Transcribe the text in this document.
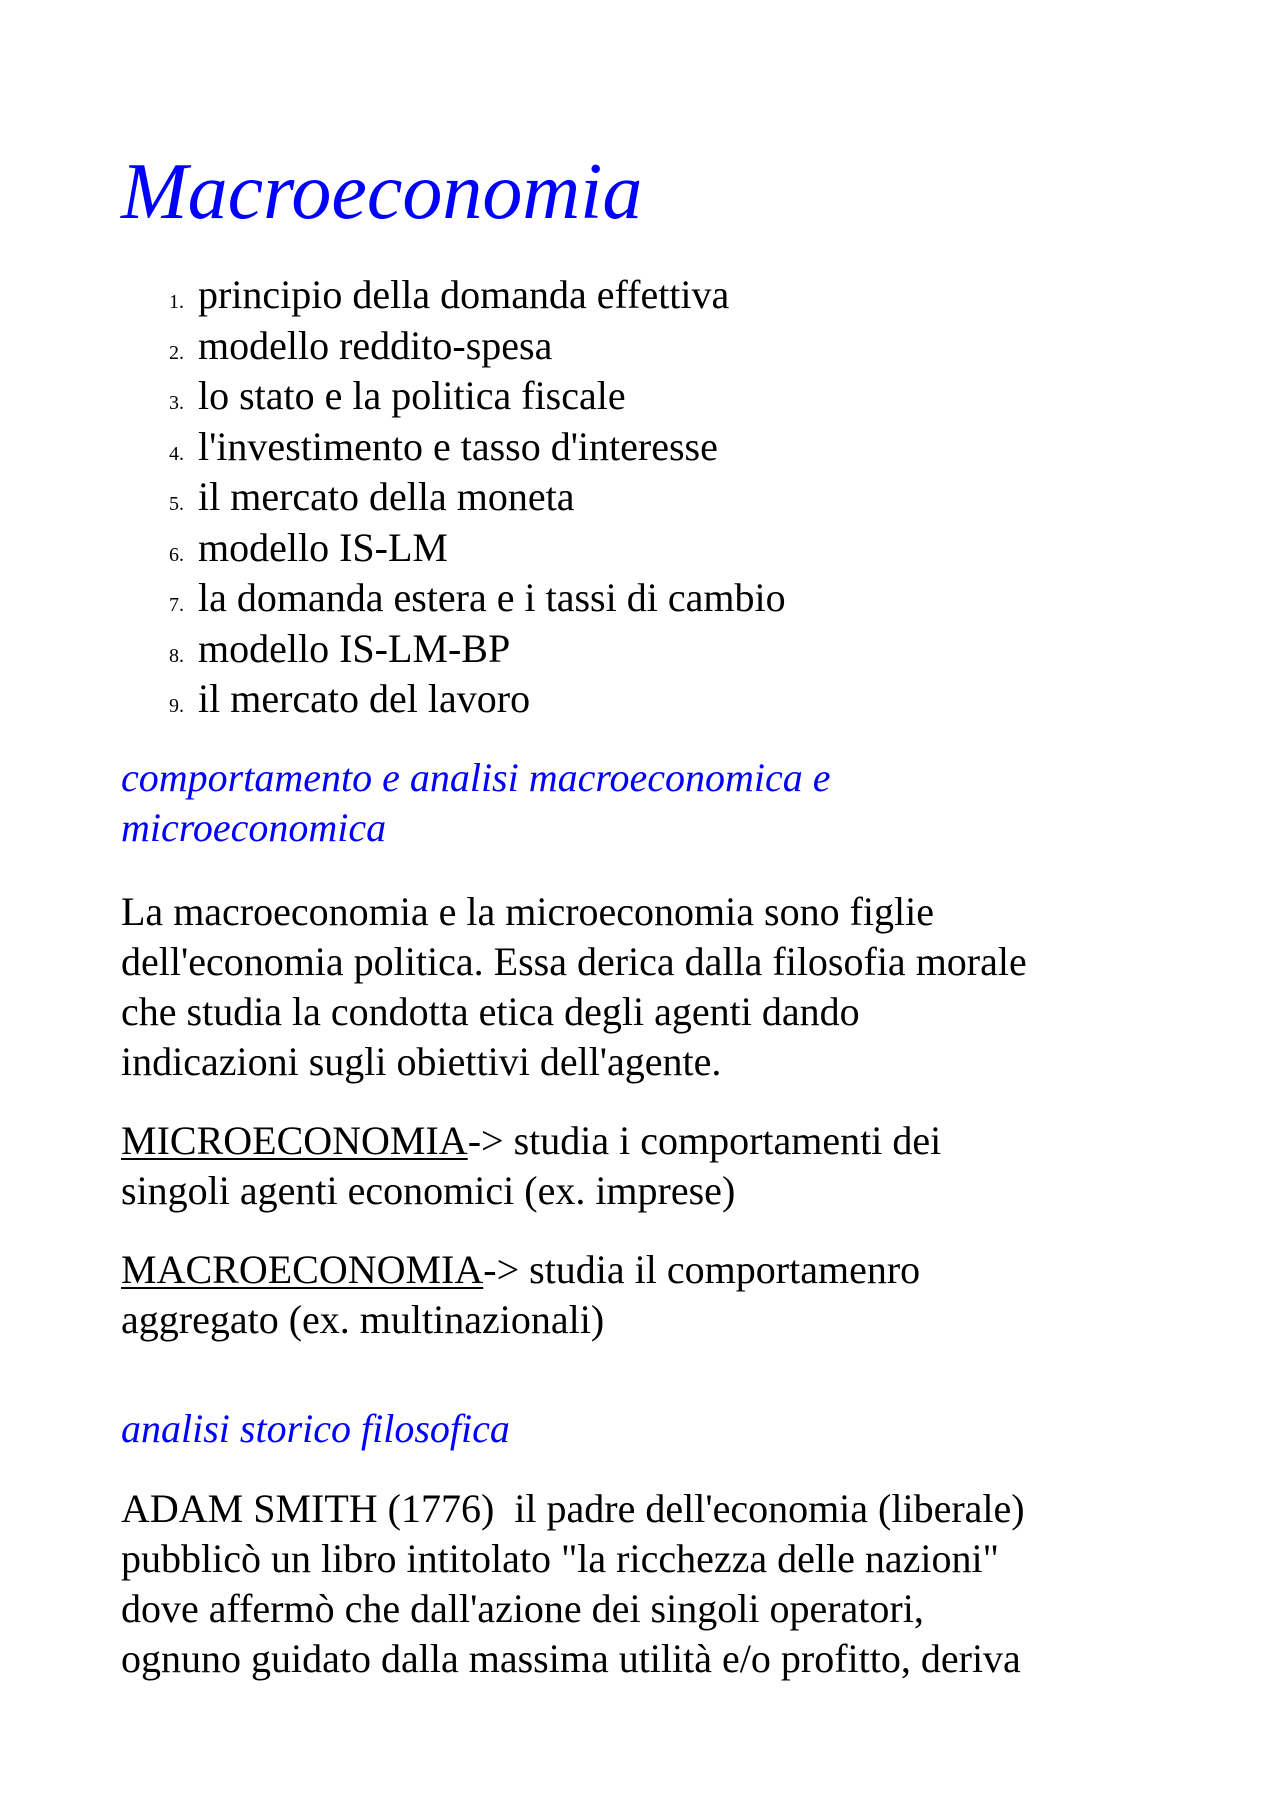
Macroeconomia
1. principio della domanda effettiva
2. modello reddito-spesa
3. lo stato e la politica fiscale
4. l'investimento e tasso d'interesse
5. il mercato della moneta
6. modello IS-LM
7. la domanda estera e i tassi di cambio
8. modello IS-LM-BP
9. il mercato del lavoro
comportamento e analisi macroeconomica e
microeconomica

La macroeconomia e la microeconomia sono figlie
dell'economia politica. Essa derica dalla filosofia morale
che studia la condotta etica degli agenti dando
indicazioni sugli obiettivi dell'agente.

MICROECONOMIA-> studia i comportamenti dei
singoli agenti economici (ex. imprese)

MACROECONOMIA-> studia il comportamenro
aggregato (ex. multinazionali)

analisi storico filosofica

ADAM SMITH (1776)  il padre dell'economia (liberale)
pubblicò un libro intitolato "la ricchezza delle nazioni"
dove affermò che dall'azione dei singoli operatori,
ognuno guidato dalla massima utilità e/o profitto, deriva
